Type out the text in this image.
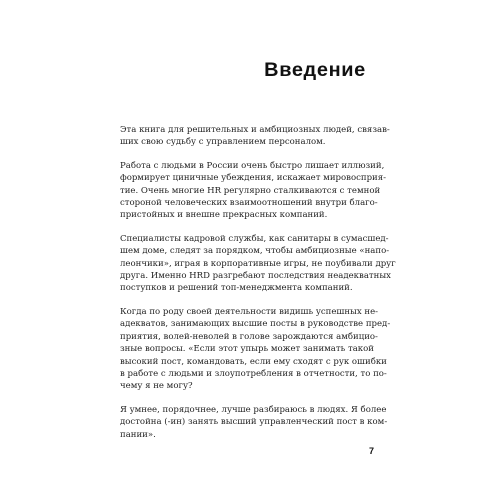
Введение

Эта книга для решительных и амбициозных людей, связав-
ших свою судьбу с управлением персоналом.

Работа с людьми в России очень быстро лишает иллюзий,
формирует циничные убеждения, искажает мировосприя-
тие. Очень многие HR регулярно сталкиваются с темной
стороной человеческих взаимоотношений внутри благо-
пристойных и внешне прекрасных компаний.

Специалисты кадровой службы, как санитары в сумасшед-
шем доме, следят за порядком, чтобы амбициозные «напо-
леончики», играя в корпоративные игры, не поубивали друг
друга. Именно HRD разгребают последствия неадекватных
поступков и решений топ-менеджмента компаний.

Когда по роду своей деятельности видишь успешных не-
адекватов, занимающих высшие посты в руководстве пред-
приятия, волей-неволей в голове зарождаются амбицио-
зные вопросы. «Если этот упырь может занимать такой
высокий пост, командовать, если ему сходят с рук ошибки
в работе с людьми и злоупотребления в отчетности, то по-
чему я не могу?

Я умнее, порядочнее, лучше разбираюсь в людях. Я более
достойна (-ин) занять высший управленческий пост в ком-
пании».

7
